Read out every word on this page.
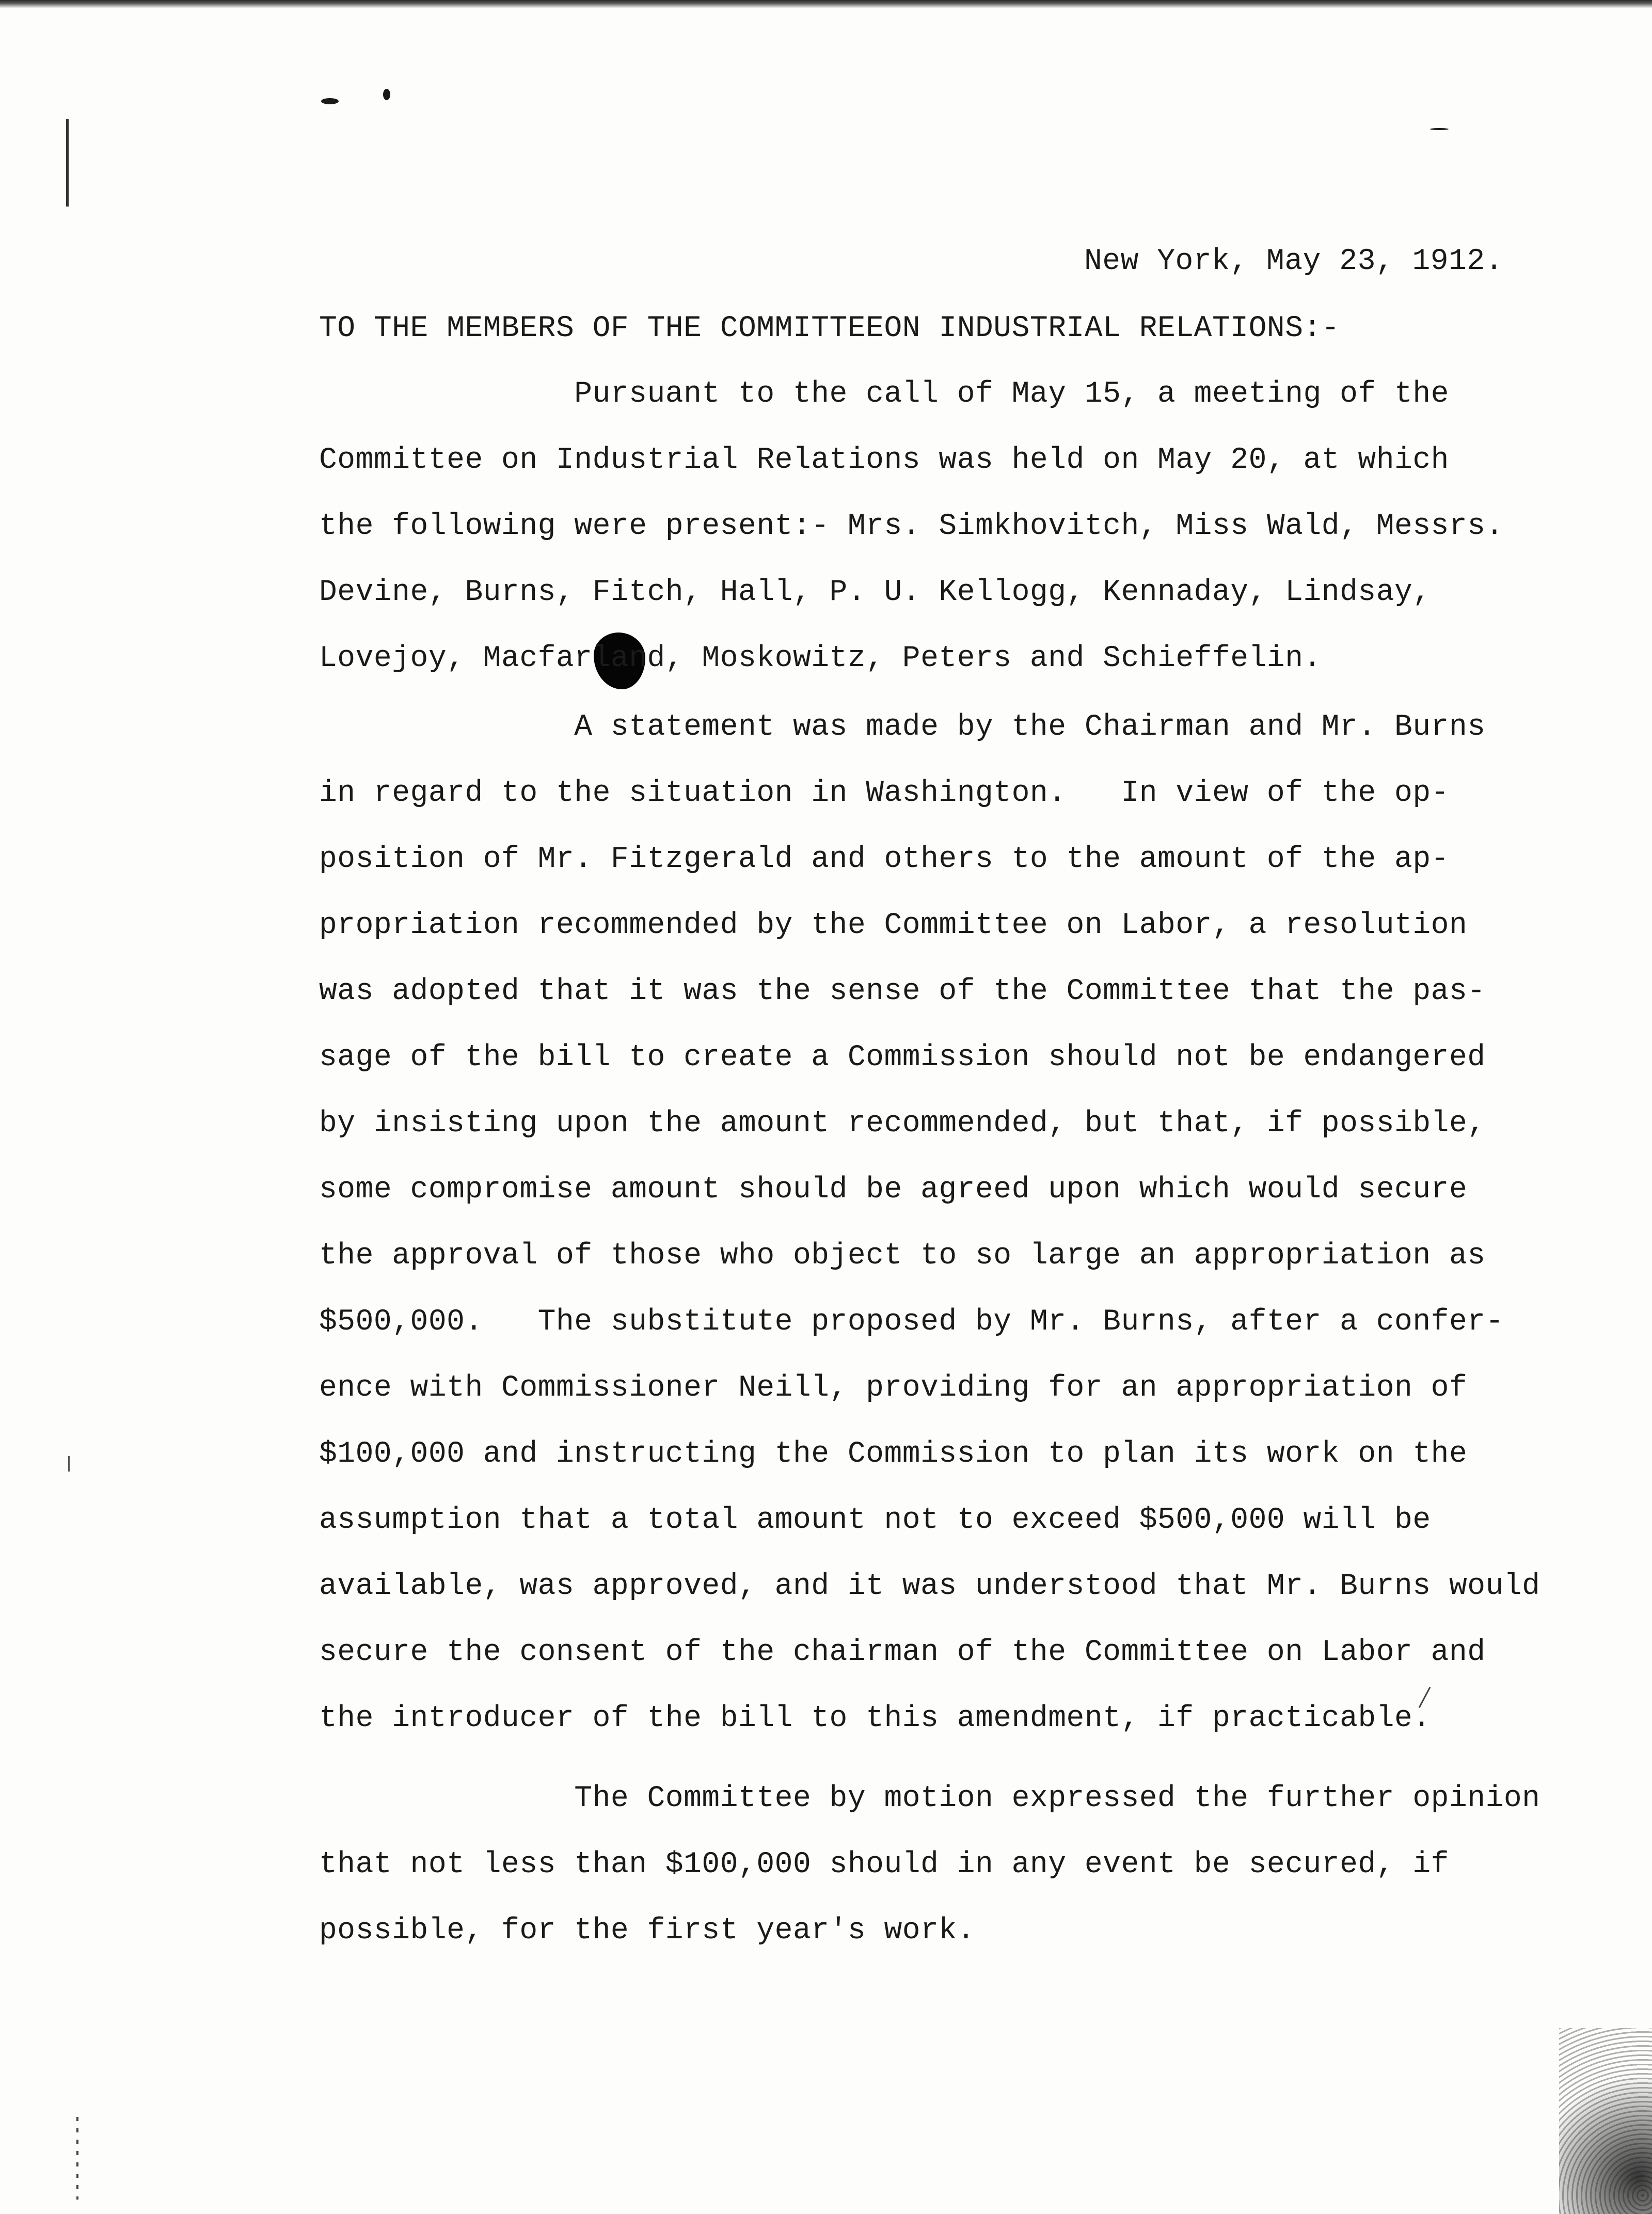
New York, May 23, 1912.
TO THE MEMBERS OF THE COMMITTEEON INDUSTRIAL RELATIONS:-
Pursuant to the call of May 15, a meeting of the
Committee on Industrial Relations was held on May 20, at which
the following were present:- Mrs. Simkhovitch, Miss Wald, Messrs.
Devine, Burns, Fitch, Hall, P. U. Kellogg, Kennaday, Lindsay,
Lovejoy, Macfarland, Moskowitz, Peters and Schieffelin.
A statement was made by the Chairman and Mr. Burns
in regard to the situation in Washington.   In view of the op-
position of Mr. Fitzgerald and others to the amount of the ap-
propriation recommended by the Committee on Labor, a resolution
was adopted that it was the sense of the Committee that the pas-
sage of the bill to create a Commission should not be endangered
by insisting upon the amount recommended, but that, if possible,
some compromise amount should be agreed upon which would secure
the approval of those who object to so large an appropriation as
$500,000.   The substitute proposed by Mr. Burns, after a confer-
ence with Commissioner Neill, providing for an appropriation of
$100,000 and instructing the Commission to plan its work on the
assumption that a total amount not to exceed $500,000 will be
available, was approved, and it was understood that Mr. Burns would
secure the consent of the chairman of the Committee on Labor and
the introducer of the bill to this amendment, if practicable.
The Committee by motion expressed the further opinion
that not less than $100,000 should in any event be secured, if
possible, for the first year's work.
